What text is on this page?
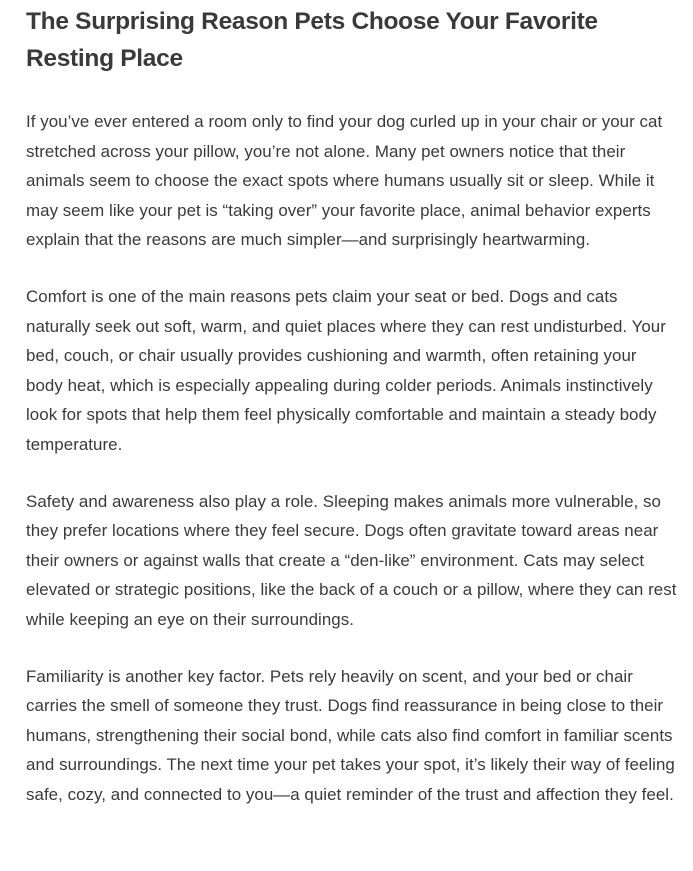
The Surprising Reason Pets Choose Your Favorite Resting Place

If you’ve ever entered a room only to find your dog curled up in your chair or your cat stretched across your pillow, you’re not alone. Many pet owners notice that their animals seem to choose the exact spots where humans usually sit or sleep. While it may seem like your pet is “taking over” your favorite place, animal behavior experts explain that the reasons are much simpler—and surprisingly heartwarming.

Comfort is one of the main reasons pets claim your seat or bed. Dogs and cats naturally seek out soft, warm, and quiet places where they can rest undisturbed. Your bed, couch, or chair usually provides cushioning and warmth, often retaining your body heat, which is especially appealing during colder periods. Animals instinctively look for spots that help them feel physically comfortable and maintain a steady body temperature.

Safety and awareness also play a role. Sleeping makes animals more vulnerable, so they prefer locations where they feel secure. Dogs often gravitate toward areas near their owners or against walls that create a “den-like” environment. Cats may select elevated or strategic positions, like the back of a couch or a pillow, where they can rest while keeping an eye on their surroundings.

Familiarity is another key factor. Pets rely heavily on scent, and your bed or chair carries the smell of someone they trust. Dogs find reassurance in being close to their humans, strengthening their social bond, while cats also find comfort in familiar scents and surroundings. The next time your pet takes your spot, it’s likely their way of feeling safe, cozy, and connected to you—a quiet reminder of the trust and affection they feel.
